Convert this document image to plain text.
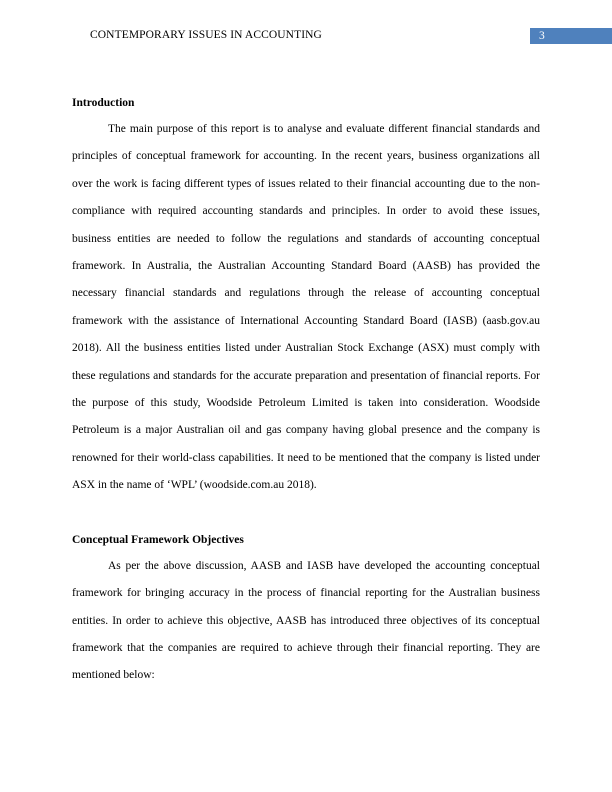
CONTEMPORARY ISSUES IN ACCOUNTING	3

Introduction

The main purpose of this report is to analyse and evaluate different financial standards and principles of conceptual framework for accounting. In the recent years, business organizations all over the work is facing different types of issues related to their financial accounting due to the non-compliance with required accounting standards and principles. In order to avoid these issues, business entities are needed to follow the regulations and standards of accounting conceptual framework. In Australia, the Australian Accounting Standard Board (AASB) has provided the necessary financial standards and regulations through the release of accounting conceptual framework with the assistance of International Accounting Standard Board (IASB) (aasb.gov.au 2018). All the business entities listed under Australian Stock Exchange (ASX) must comply with these regulations and standards for the accurate preparation and presentation of financial reports. For the purpose of this study, Woodside Petroleum Limited is taken into consideration. Woodside Petroleum is a major Australian oil and gas company having global presence and the company is renowned for their world-class capabilities. It need to be mentioned that the company is listed under ASX in the name of ‘WPL’ (woodside.com.au 2018).

Conceptual Framework Objectives

As per the above discussion, AASB and IASB have developed the accounting conceptual framework for bringing accuracy in the process of financial reporting for the Australian business entities. In order to achieve this objective, AASB has introduced three objectives of its conceptual framework that the companies are required to achieve through their financial reporting. They are mentioned below:
